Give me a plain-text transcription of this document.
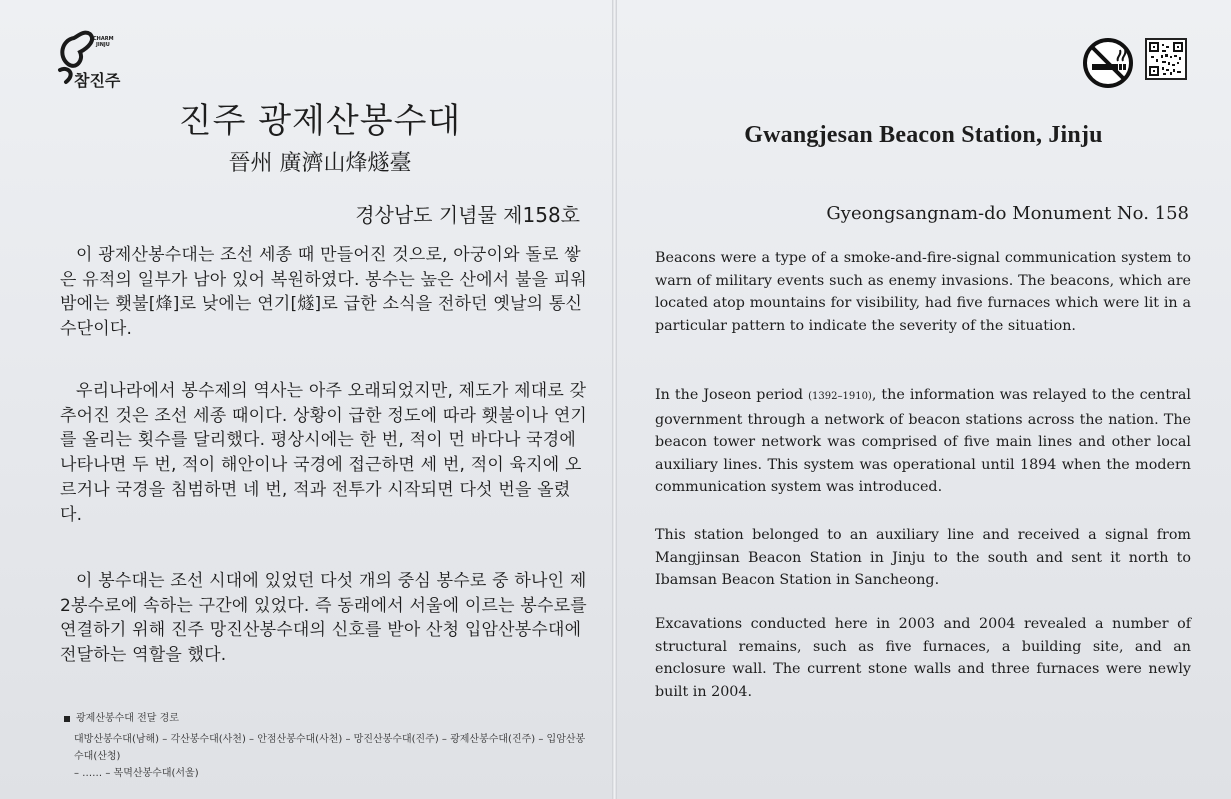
CHARM
JINJU
참진주
진주 광제산봉수대
晉州 廣濟山烽燧臺
경상남도 기념물 제158호

이 광제산봉수대는 조선 세종 때 만들어진 것으로, 아궁이와 돌로 쌓은 유적의 일부가 남아 있어 복원하였다. 봉수는 높은 산에서 불을 피워 밤에는 횃불[烽]로 낮에는 연기[燧]로 급한 소식을 전하던 옛날의 통신 수단이다.

우리나라에서 봉수제의 역사는 아주 오래되었지만, 제도가 제대로 갖추어진 것은 조선 세종 때이다. 상황이 급한 정도에 따라 횃불이나 연기를 올리는 횟수를 달리했다. 평상시에는 한 번, 적이 먼 바다나 국경에 나타나면 두 번, 적이 해안이나 국경에 접근하면 세 번, 적이 육지에 오르거나 국경을 침범하면 네 번, 적과 전투가 시작되면 다섯 번을 올렸다.

이 봉수대는 조선 시대에 있었던 다섯 개의 중심 봉수로 중 하나인 제2봉수로에 속하는 구간에 있었다. 즉 동래에서 서울에 이르는 봉수로를 연결하기 위해 진주 망진산봉수대의 신호를 받아 산청 입암산봉수대에 전달하는 역할을 했다.

광제산봉수대 전달 경로
대방산봉수대(남해) – 각산봉수대(사천) – 안점산봉수대(사천) – 망진산봉수대(진주) – 광제산봉수대(진주) – 입암산봉수대(산청)
– …… – 목멱산봉수대(서울)
Gwangjesan Beacon Station, Jinju
Gyeongsangnam-do Monument No. 158

Beacons were a type of a smoke-and-fire-signal communication system to warn of military events such as enemy invasions. The beacons, which are located atop mountains for visibility, had five furnaces which were lit in a particular pattern to indicate the severity of the situation.

In the Joseon period (1392–1910), the information was relayed to the central government through a network of beacon stations across the nation. The beacon tower network was comprised of five main lines and other local auxiliary lines. This system was operational until 1894 when the modern communication system was introduced.

This station belonged to an auxiliary line and received a signal from Mangjinsan Beacon Station in Jinju to the south and sent it north to Ibamsan Beacon Station in Sancheong.

Excavations conducted here in 2003 and 2004 revealed a number of structural remains, such as five furnaces, a building site, and an enclosure wall. The current stone walls and three furnaces were newly built in 2004.
